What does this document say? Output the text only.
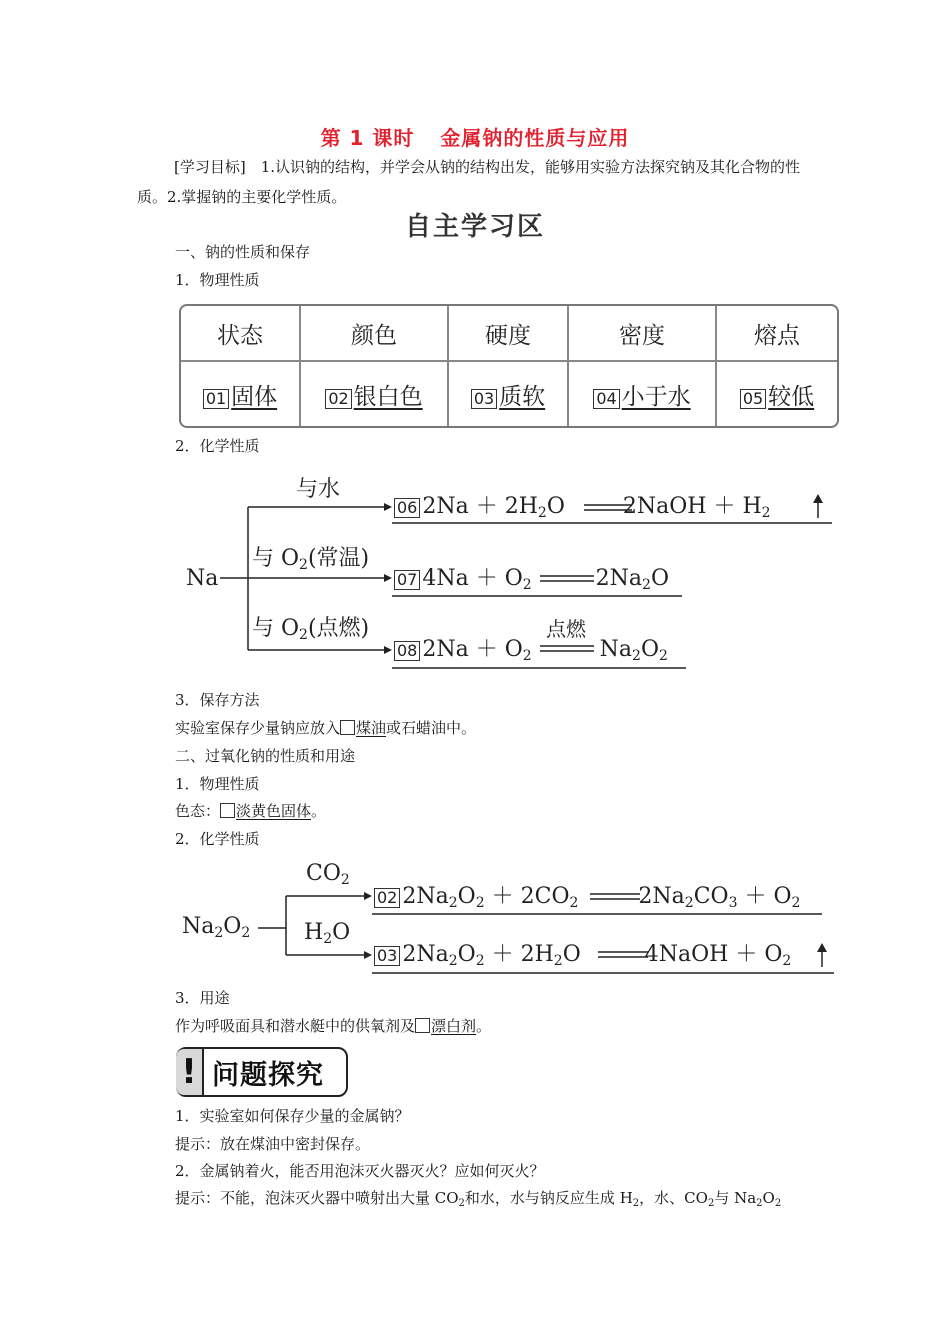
第 1 课时 金属钠的性质与应用
[学习目标]　1.认识钠的结构，并学会从钠的结构出发，能够用实验方法探究钠及其化合物的性质。2.掌握钠的主要化学性质。
自主学习区
一、钠的性质和保存
1．物理性质
状态	颜色	硬度	密度	熔点
01 固体	02 银白色	03 质软	04 小于水	05 较低
2．化学性质
Na
与水
与 $O_2$(常温)
与 $O_2$(点燃)
06 $2Na + 2H_2O$	2NaOH ＋ $H_2$
07 $4Na + O_2$	$2Na_2O$
08 $2Na + O_2$	$Na_2O_2$
点燃
3．保存方法
实验室保存少量钠应放入 煤油或石蜡油中。
二、过氧化钠的性质和用途
1．物理性质
色态： 淡黄色固体。
2．化学性质
$Na_2O_2$
$CO_2$
$H_2O$
02 $2Na_2O_2 + 2CO_2$	$2Na_2CO_3 + O_2$
03 $2Na_2O_2 + 2H_2O$	4NaOH ＋ $O_2$
3．用途
作为呼吸面具和潜水艇中的供氧剂及 漂白剂。
! 问题探究
1．实验室如何保存少量的金属钠？
提示：放在煤油中密封保存。
2．金属钠着火，能否用泡沫灭火器灭火？应如何灭火？
提示：不能，泡沫灭火器中喷射出大量 $CO_2$和水，水与钠反应生成 $H_2$，水、$CO_2$与 $Na_2O_2$
